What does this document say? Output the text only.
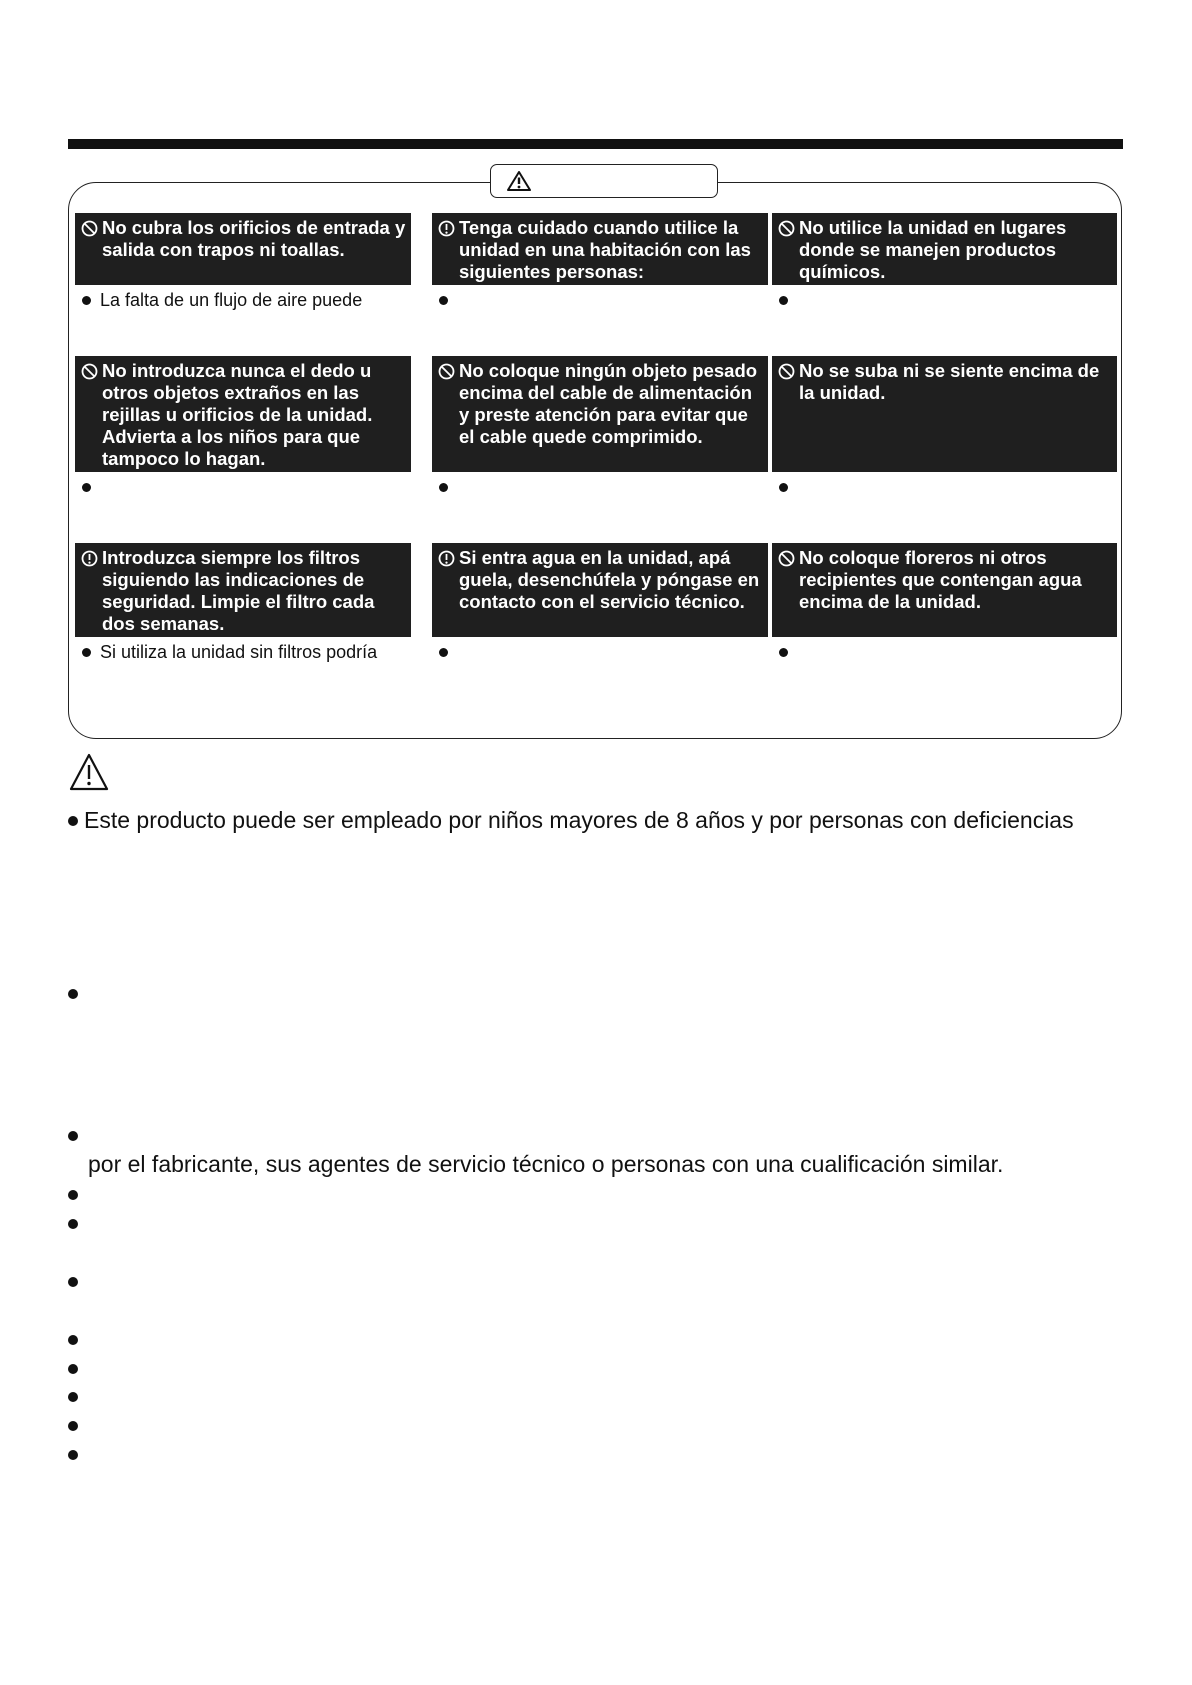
No cubra los orificios de entrada y salida con trapos ni toallas.
La falta de un flujo de aire puede
Tenga cuidado cuando utilice la unidad en una habitación con las siguientes personas:
No utilice la unidad en lugares donde se manejen productos químicos.
No introduzca nunca el dedo u otros objetos extraños en las rejillas u orificios de la unidad. Advierta a los niños para que tampoco lo hagan.
No coloque ningún objeto pesado encima del cable de alimentación y preste atención para evitar que el cable quede comprimido.
No se suba ni se siente encima de la unidad.
Introduzca siempre los filtros siguiendo las indicaciones de seguridad. Limpie el filtro cada dos semanas.
Si utiliza la unidad sin filtros podría
Si entra agua en la unidad, apá guela, desenchúfela y póngase en contacto con el servicio técnico.
No coloque floreros ni otros recipientes que contengan agua encima de la unidad.
Este producto puede ser empleado por niños mayores de 8 años y por personas con deficiencias
por el fabricante, sus agentes de servicio técnico o personas con una cualificación similar.
